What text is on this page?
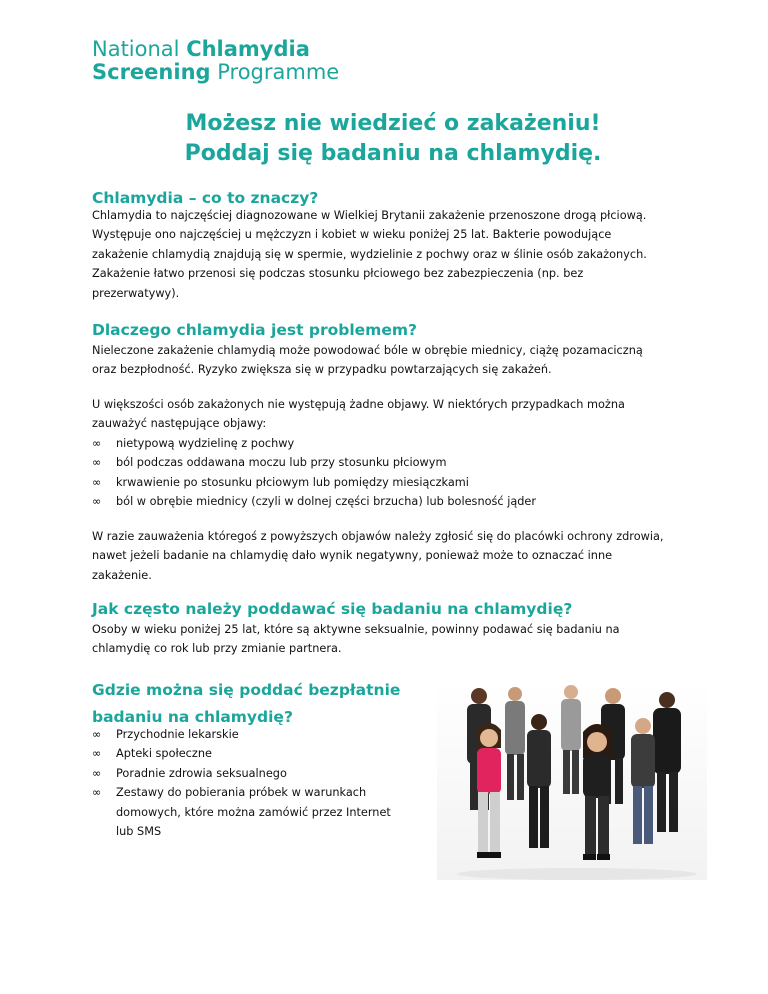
National Chlamydia
Screening Programme
Możesz nie wiedzieć o zakażeniu!
Poddaj się badaniu na chlamydię.
Chlamydia – co to znaczy?
Chlamydia to najczęściej diagnozowane w Wielkiej Brytanii zakażenie przenoszone drogą płciową.
Występuje ono najczęściej u mężczyzn i kobiet w wieku poniżej 25 lat. Bakterie powodujące
zakażenie chlamydią znajdują się w spermie, wydzielinie z pochwy oraz w ślinie osób zakażonych.
Zakażenie łatwo przenosi się podczas stosunku płciowego bez zabezpieczenia (np. bez
prezerwatywy).
Dlaczego chlamydia jest problemem?
Nieleczone zakażenie chlamydią może powodować bóle w obrębie miednicy, ciążę pozamaciczną
oraz bezpłodność. Ryzyko zwiększa się w przypadku powtarzających się zakażeń.
U większości osób zakażonych nie występują żadne objawy. W niektórych przypadkach można
zauważyć następujące objawy:
∞	nietypową wydzielinę z pochwy
∞	ból podczas oddawana moczu lub przy stosunku płciowym
∞	krwawienie po stosunku płciowym lub pomiędzy miesiączkami
∞	ból w obrębie miednicy (czyli w dolnej części brzucha) lub bolesność jąder
W razie zauważenia któregoś z powyższych objawów należy zgłosić się do placówki ochrony zdrowia,
nawet jeżeli badanie na chlamydię dało wynik negatywny, ponieważ może to oznaczać inne
zakażenie.
Jak często należy poddawać się badaniu na chlamydię?
Osoby w wieku poniżej 25 lat, które są aktywne seksualnie, powinny podawać się badaniu na
chlamydię co rok lub przy zmianie partnera.
Gdzie można się poddać bezpłatnie
badaniu na chlamydię?
∞	Przychodnie lekarskie
∞	Apteki społeczne
∞	Poradnie zdrowia seksualnego
∞	Zestawy do pobierania próbek w warunkach domowych, które można zamówić przez Internet lub SMS
